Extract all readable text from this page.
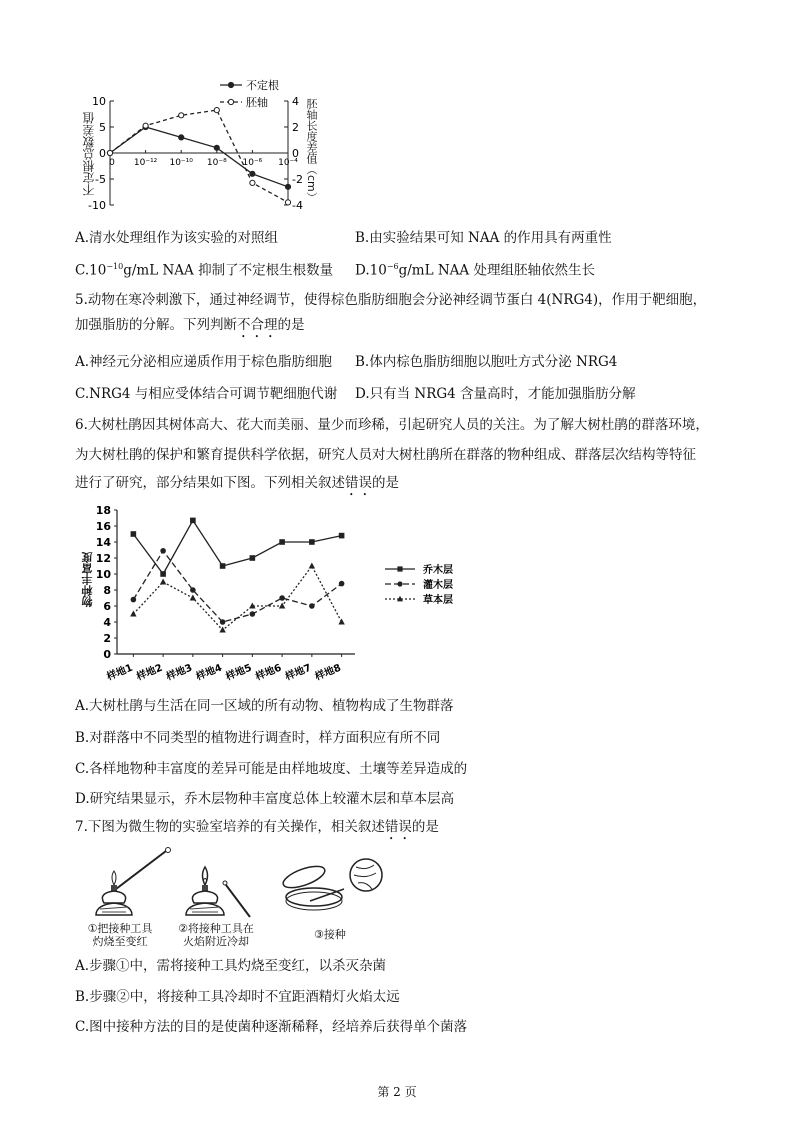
10
5
0
-5
-10
4
2
0
-2
-4
0 10⁻¹² 10⁻¹⁰ 10⁻⁸ 10⁻⁶ 10⁻⁴
不定根
胚轴
不定根总数差值	胚轴长度差值（cm）
A.清水处理组作为该实验的对照组	B.由实验结果可知 NAA 的作用具有两重性
$C.10^{-10}g/mL$ NAA 抑制了不定根生根数量 $D.10^{-6}g/mL$ NAA 处理组胚轴依然生长
5.动物在寒冷刺激下，通过神经调节，使得棕色脂肪细胞会分泌神经调节蛋白 4(NRG4)，作用于靶细胞，
加强脂肪的分解。下列判断不合理的是
A.神经元分泌相应递质作用于棕色脂肪细胞 B.体内棕色脂肪细胞以胞吐方式分泌 NRG4
C.NRG4 与相应受体结合可调节靶细胞代谢 D.只有当 NRG4 含量高时，才能加强脂肪分解
6.大树杜鹃因其树体高大、花大而美丽、量少而珍稀，引起研究人员的关注。为了解大树杜鹃的群落环境，
为大树杜鹃的保护和繁育提供科学依据，研究人员对大树杜鹃所在群落的物种组成、群落层次结构等特征
进行了研究，部分结果如下图。下列相关叙述错误的是
0
2
4
6
8
10
12
14
16
18
样地1 样地2 样地3 样地4 样地5 样地6 样地7 样地8
乔木层
灌木层
草本层
物种丰富度
A.大树杜鹃与生活在同一区域的所有动物、植物构成了生物群落
B.对群落中不同类型的植物进行调查时，样方面积应有所不同
C.各样地物种丰富度的差异可能是由样地坡度、土壤等差异造成的
D.研究结果显示，乔木层物种丰富度总体上较灌木层和草本层高
7.下图为微生物的实验室培养的有关操作，相关叙述错误的是
①把接种工具
灼烧至变红
②将接种工具在
火焰附近冷却
③接种
A.步骤①中，需将接种工具灼烧至变红，以杀灭杂菌
B.步骤②中，将接种工具冷却时不宜距酒精灯火焰太远
C.图中接种方法的目的是使菌种逐渐稀释，经培养后获得单个菌落
第 2 页
